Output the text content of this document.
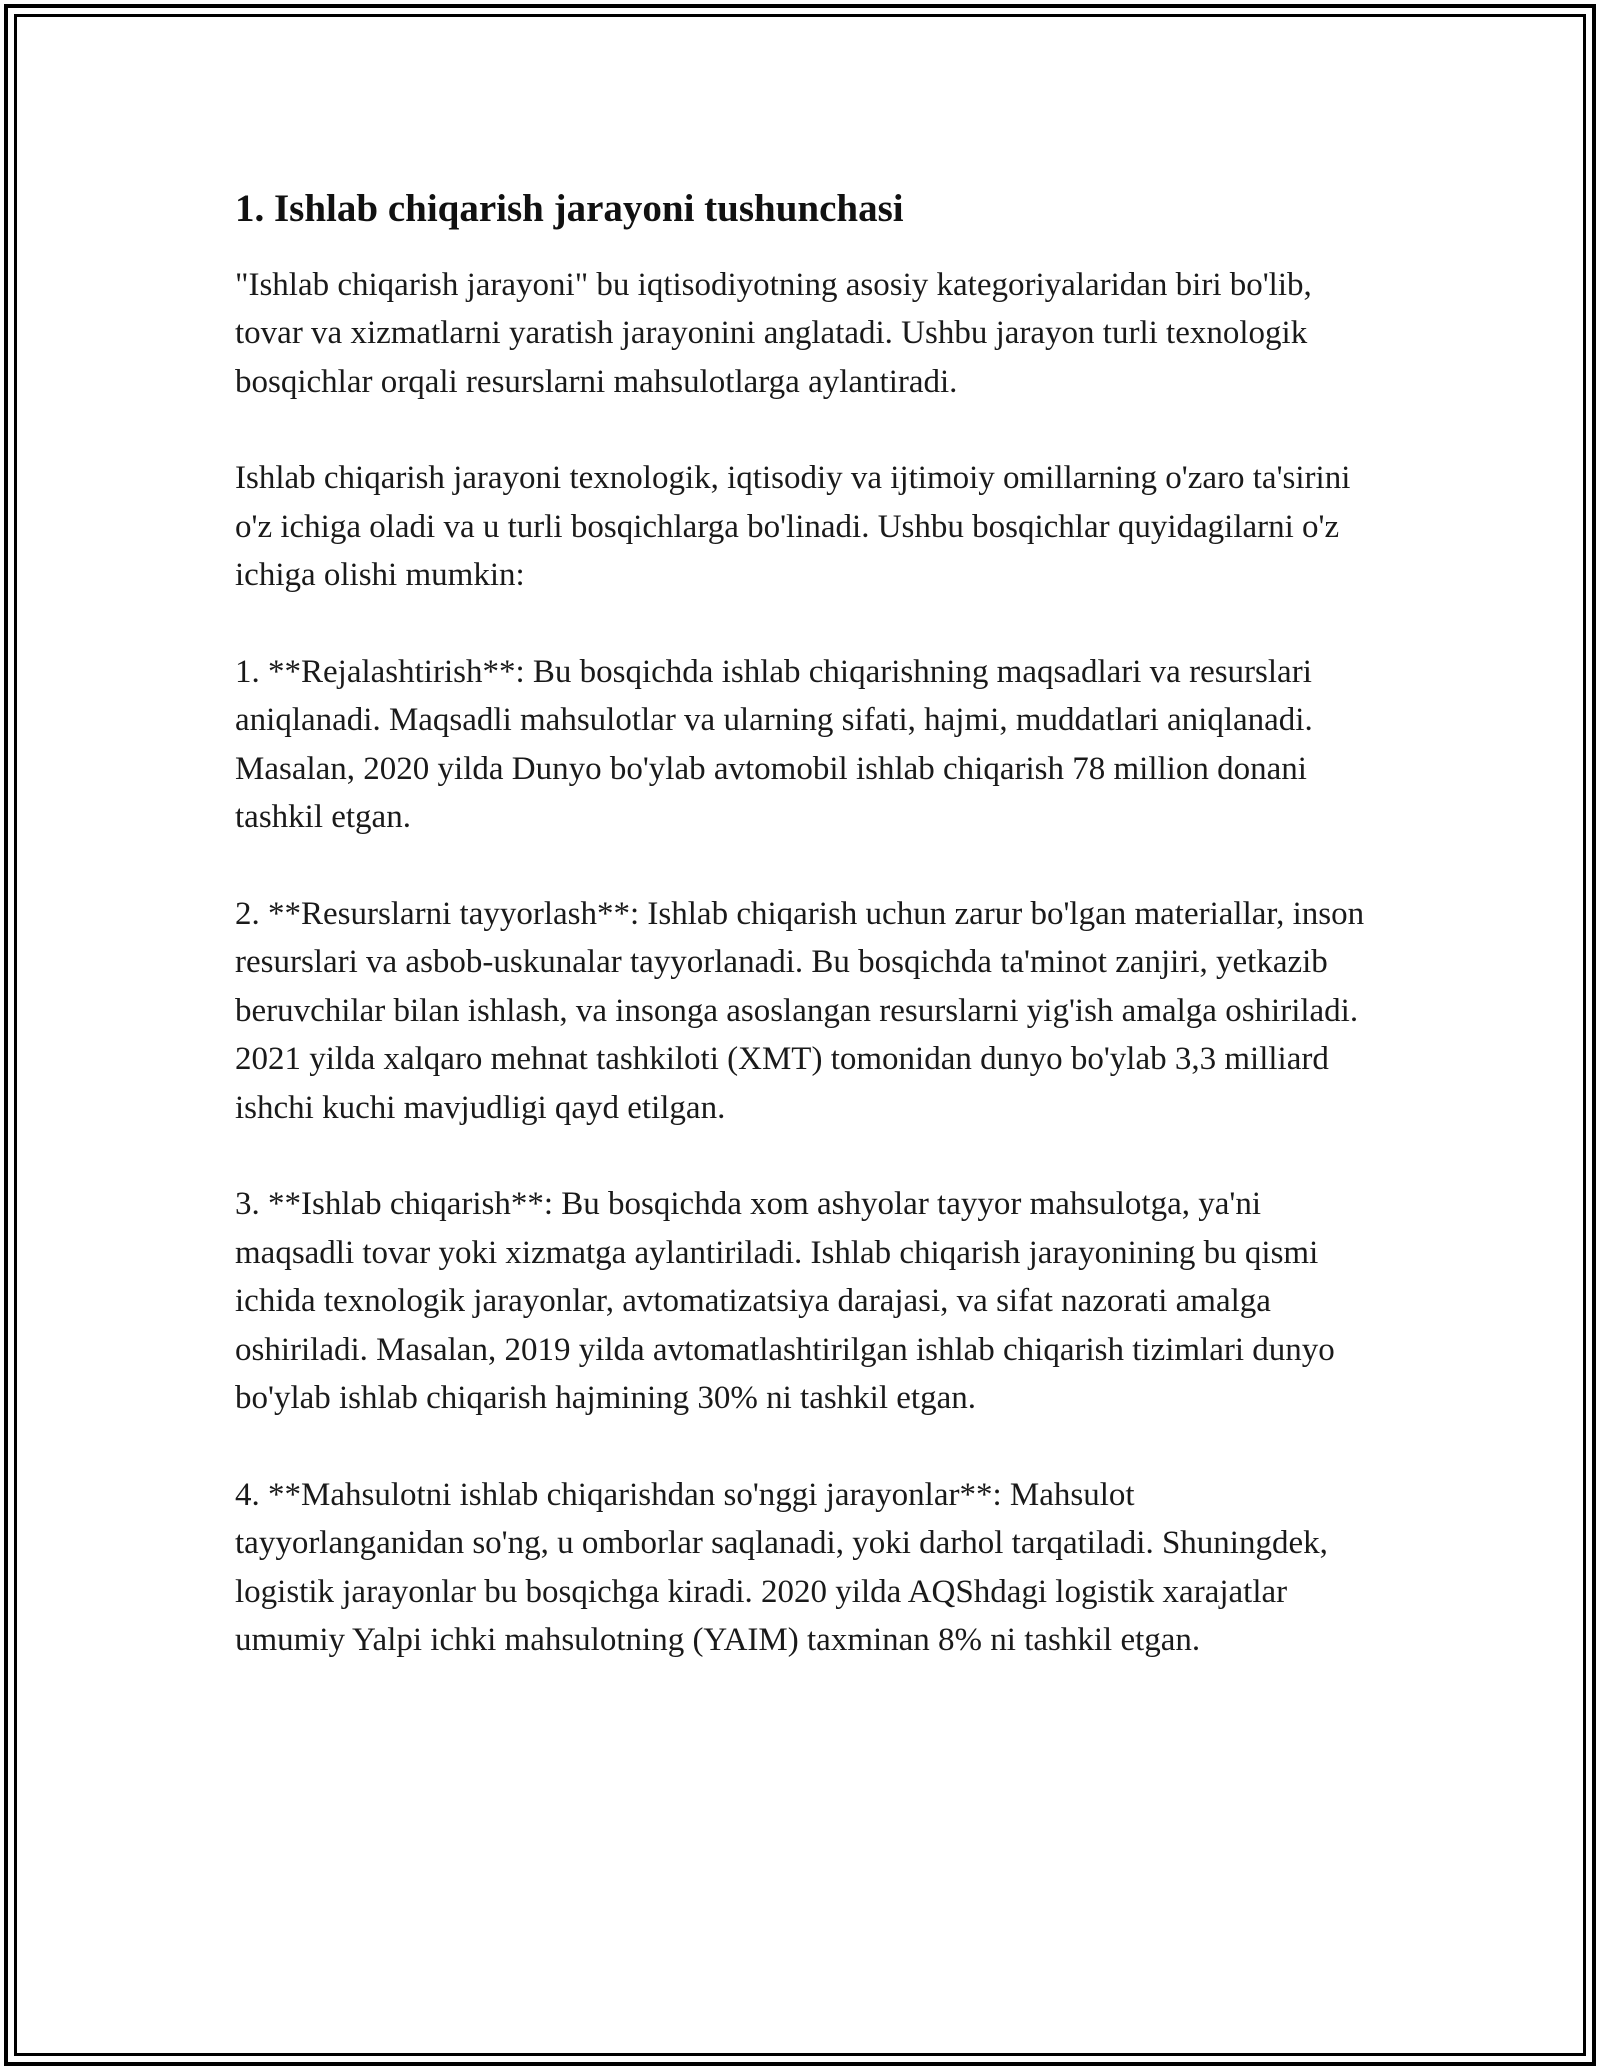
1. Ishlab chiqarish jarayoni tushunchasi

"Ishlab chiqarish jarayoni" bu iqtisodiyotning asosiy kategoriyalaridan biri bo'lib, tovar va xizmatlarni yaratish jarayonini anglatadi. Ushbu jarayon turli texnologik bosqichlar orqali resurslarni mahsulotlarga aylantiradi.

Ishlab chiqarish jarayoni texnologik, iqtisodiy va ijtimoiy omillarning o'zaro ta'sirini o'z ichiga oladi va u turli bosqichlarga bo'linadi. Ushbu bosqichlar quyidagilarni o'z ichiga olishi mumkin:

1. **Rejalashtirish**: Bu bosqichda ishlab chiqarishning maqsadlari va resurslari aniqlanadi. Maqsadli mahsulotlar va ularning sifati, hajmi, muddatlari aniqlanadi. Masalan, 2020 yilda Dunyo bo'ylab avtomobil ishlab chiqarish 78 million donani tashkil etgan.

2. **Resurslarni tayyorlash**: Ishlab chiqarish uchun zarur bo'lgan materiallar, inson resurslari va asbob-uskunalar tayyorlanadi. Bu bosqichda ta'minot zanjiri, yetkazib beruvchilar bilan ishlash, va insonga asoslangan resurslarni yig'ish amalga oshiriladi. 2021 yilda xalqaro mehnat tashkiloti (XMT) tomonidan dunyo bo'ylab 3,3 milliard ishchi kuchi mavjudligi qayd etilgan.

3. **Ishlab chiqarish**: Bu bosqichda xom ashyolar tayyor mahsulotga, ya'ni maqsadli tovar yoki xizmatga aylantiriladi. Ishlab chiqarish jarayonining bu qismi ichida texnologik jarayonlar, avtomatizatsiya darajasi, va sifat nazorati amalga oshiriladi. Masalan, 2019 yilda avtomatlashtirilgan ishlab chiqarish tizimlari dunyo bo'ylab ishlab chiqarish hajmining 30% ni tashkil etgan.

4. **Mahsulotni ishlab chiqarishdan so'nggi jarayonlar**: Mahsulot tayyorlanganidan so'ng, u omborlar saqlanadi, yoki darhol tarqatiladi. Shuningdek, logistik jarayonlar bu bosqichga kiradi. 2020 yilda AQShdagi logistik xarajatlar umumiy Yalpi ichki mahsulotning (YAIM) taxminan 8% ni tashkil etgan.
